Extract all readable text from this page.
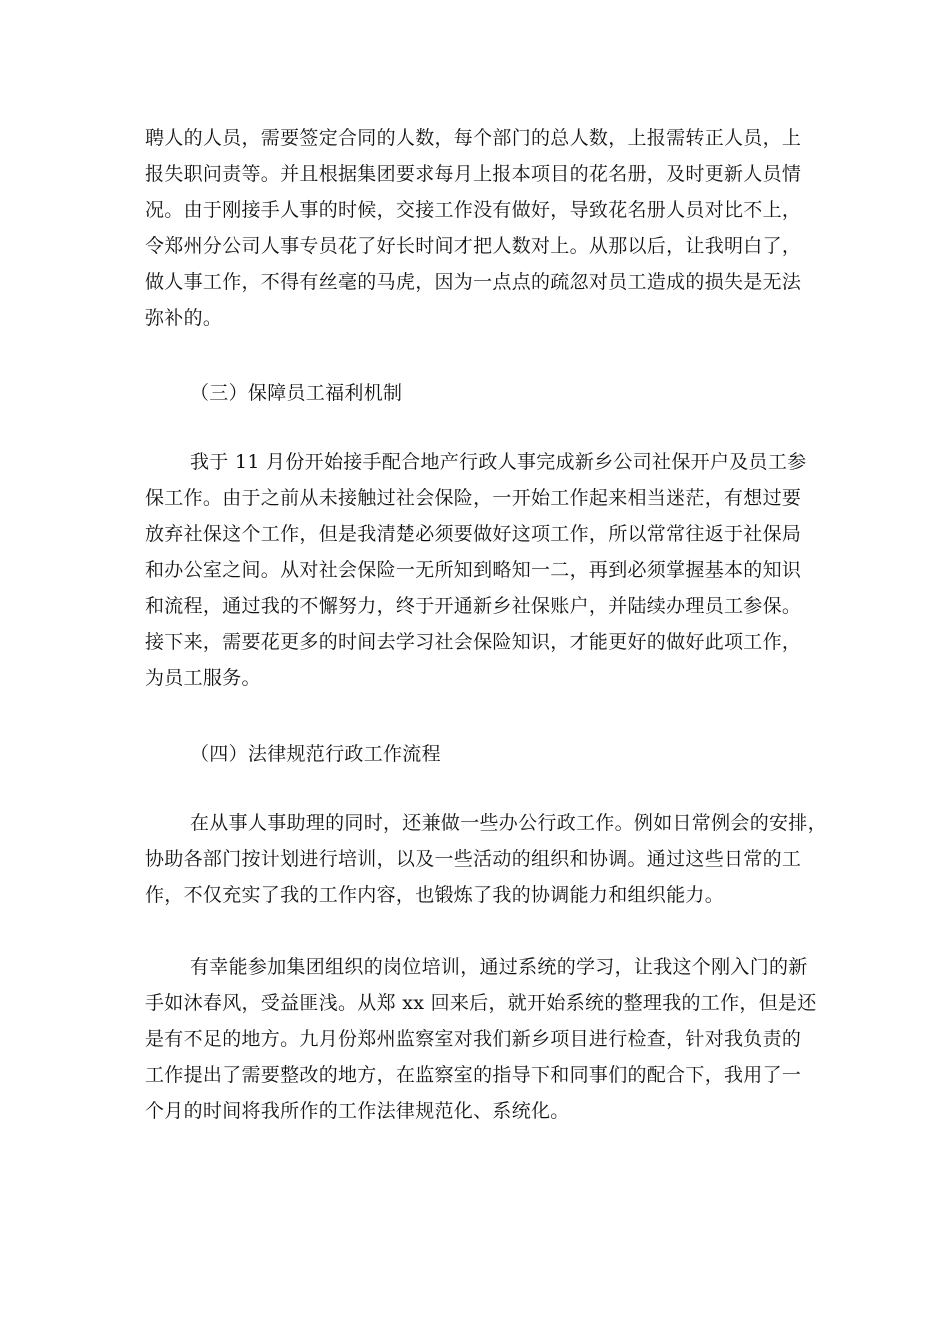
聘人的人员，需要签定合同的人数，每个部门的总人数，上报需转正人员，上
报失职问责等。并且根据集团要求每月上报本项目的花名册，及时更新人员情
况。由于刚接手人事的时候，交接工作没有做好，导致花名册人员对比不上，
令郑州分公司人事专员花了好长时间才把人数对上。从那以后，让我明白了，
做人事工作，不得有丝毫的马虎，因为一点点的疏忽对员工造成的损失是无法
弥补的。
（三）保障员工福利机制
我于 11 月份开始接手配合地产行政人事完成新乡公司社保开户及员工参
保工作。由于之前从未接触过社会保险，一开始工作起来相当迷茫，有想过要
放弃社保这个工作，但是我清楚必须要做好这项工作，所以常常往返于社保局
和办公室之间。从对社会保险一无所知到略知一二，再到必须掌握基本的知识
和流程，通过我的不懈努力，终于开通新乡社保账户，并陆续办理员工参保。
接下来，需要花更多的时间去学习社会保险知识，才能更好的做好此项工作，
为员工服务。
（四）法律规范行政工作流程
在从事人事助理的同时，还兼做一些办公行政工作。例如日常例会的安排，
协助各部门按计划进行培训，以及一些活动的组织和协调。通过这些日常的工
作，不仅充实了我的工作内容，也锻炼了我的协调能力和组织能力。
有幸能参加集团组织的岗位培训，通过系统的学习，让我这个刚入门的新
手如沐春风，受益匪浅。从郑 xx 回来后，就开始系统的整理我的工作，但是还
是有不足的地方。九月份郑州监察室对我们新乡项目进行检查，针对我负责的
工作提出了需要整改的地方，在监察室的指导下和同事们的配合下，我用了一
个月的时间将我所作的工作法律规范化、系统化。
